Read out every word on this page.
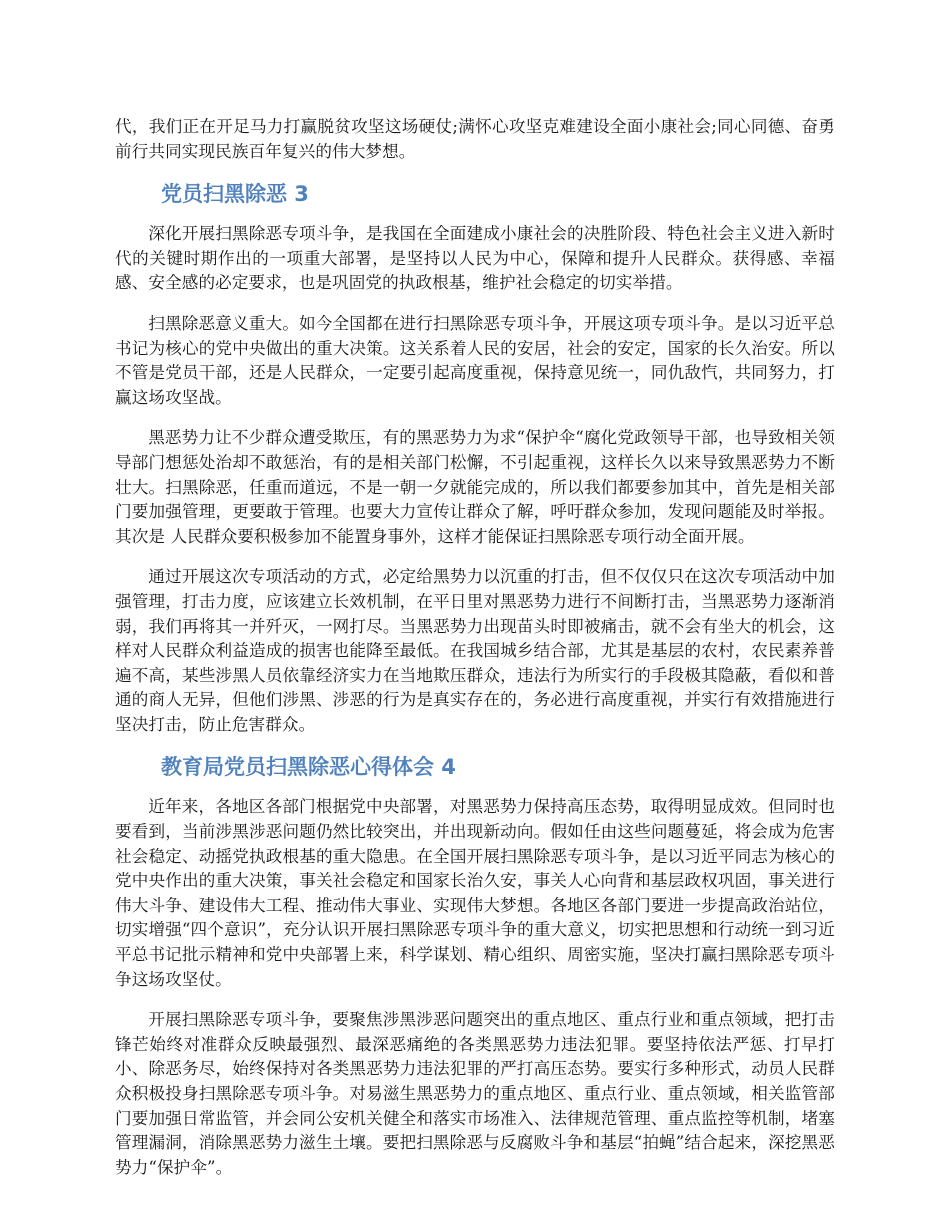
代，我们正在开足马力打赢脱贫攻坚这场硬仗;满怀心攻坚克难建设全面小康社会;同心同德、奋勇前行共同实现民族百年复兴的伟大梦想。

党员扫黑除恶 3

深化开展扫黑除恶专项斗争，是我国在全面建成小康社会的决胜阶段、特色社会主义进入新时代的关键时期作出的一项重大部署，是坚持以人民为中心，保障和提升人民群众。获得感、幸福感、安全感的必定要求，也是巩固党的执政根基，维护社会稳定的切实举措。

扫黑除恶意义重大。如今全国都在进行扫黑除恶专项斗争，开展这项专项斗争。是以习近平总书记为核心的党中央做出的重大决策。这关系着人民的安居，社会的安定，国家的长久治安。所以不管是党员干部，还是人民群众，一定要引起高度重视，保持意见统一，同仇敌忾，共同努力，打赢这场攻坚战。

黑恶势力让不少群众遭受欺压，有的黑恶势力为求“保护伞“腐化党政领导干部，也导致相关领导部门想惩处治却不敢惩治，有的是相关部门松懈，不引起重视，这样长久以来导致黑恶势力不断壮大。扫黑除恶，任重而道远，不是一朝一夕就能完成的，所以我们都要参加其中，首先是相关部门要加强管理，更要敢于管理。也要大力宣传让群众了解，呼吁群众参加，发现问题能及时举报。其次是 人民群众要积极参加不能置身事外，这样才能保证扫黑除恶专项行动全面开展。

通过开展这次专项活动的方式，必定给黑势力以沉重的打击，但不仅仅只在这次专项活动中加强管理，打击力度，应该建立长效机制，在平日里对黑恶势力进行不间断打击，当黑恶势力逐渐消弱，我们再将其一并歼灭，一网打尽。当黑恶势力出现苗头时即被痛击，就不会有坐大的机会，这样对人民群众利益造成的损害也能降至最低。在我国城乡结合部，尤其是基层的农村，农民素养普遍不高，某些涉黑人员依靠经济实力在当地欺压群众，违法行为所实行的手段极其隐蔽，看似和普通的商人无异，但他们涉黑、涉恶的行为是真实存在的，务必进行高度重视，并实行有效措施进行坚决打击，防止危害群众。

教育局党员扫黑除恶心得体会 4

近年来，各地区各部门根据党中央部署，对黑恶势力保持高压态势，取得明显成效。但同时也要看到，当前涉黑涉恶问题仍然比较突出，并出现新动向。假如任由这些问题蔓延，将会成为危害社会稳定、动摇党执政根基的重大隐患。在全国开展扫黑除恶专项斗争，是以习近平同志为核心的党中央作出的重大决策，事关社会稳定和国家长治久安，事关人心向背和基层政权巩固，事关进行伟大斗争、建设伟大工程、推动伟大事业、实现伟大梦想。各地区各部门要进一步提高政治站位，切实增强“四个意识”，充分认识开展扫黑除恶专项斗争的重大意义，切实把思想和行动统一到习近平总书记批示精神和党中央部署上来，科学谋划、精心组织、周密实施，坚决打赢扫黑除恶专项斗争这场攻坚仗。

开展扫黑除恶专项斗争，要聚焦涉黑涉恶问题突出的重点地区、重点行业和重点领域，把打击锋芒始终对准群众反映最强烈、最深恶痛绝的各类黑恶势力违法犯罪。要坚持依法严惩、打早打小、除恶务尽，始终保持对各类黑恶势力违法犯罪的严打高压态势。要实行多种形式，动员人民群众积极投身扫黑除恶专项斗争。对易滋生黑恶势力的重点地区、重点行业、重点领域，相关监管部门要加强日常监管，并会同公安机关健全和落实市场准入、法律规范管理、重点监控等机制，堵塞管理漏洞，消除黑恶势力滋生土壤。要把扫黑除恶与反腐败斗争和基层“拍蝇”结合起来，深挖黑恶势力“保护伞”。
